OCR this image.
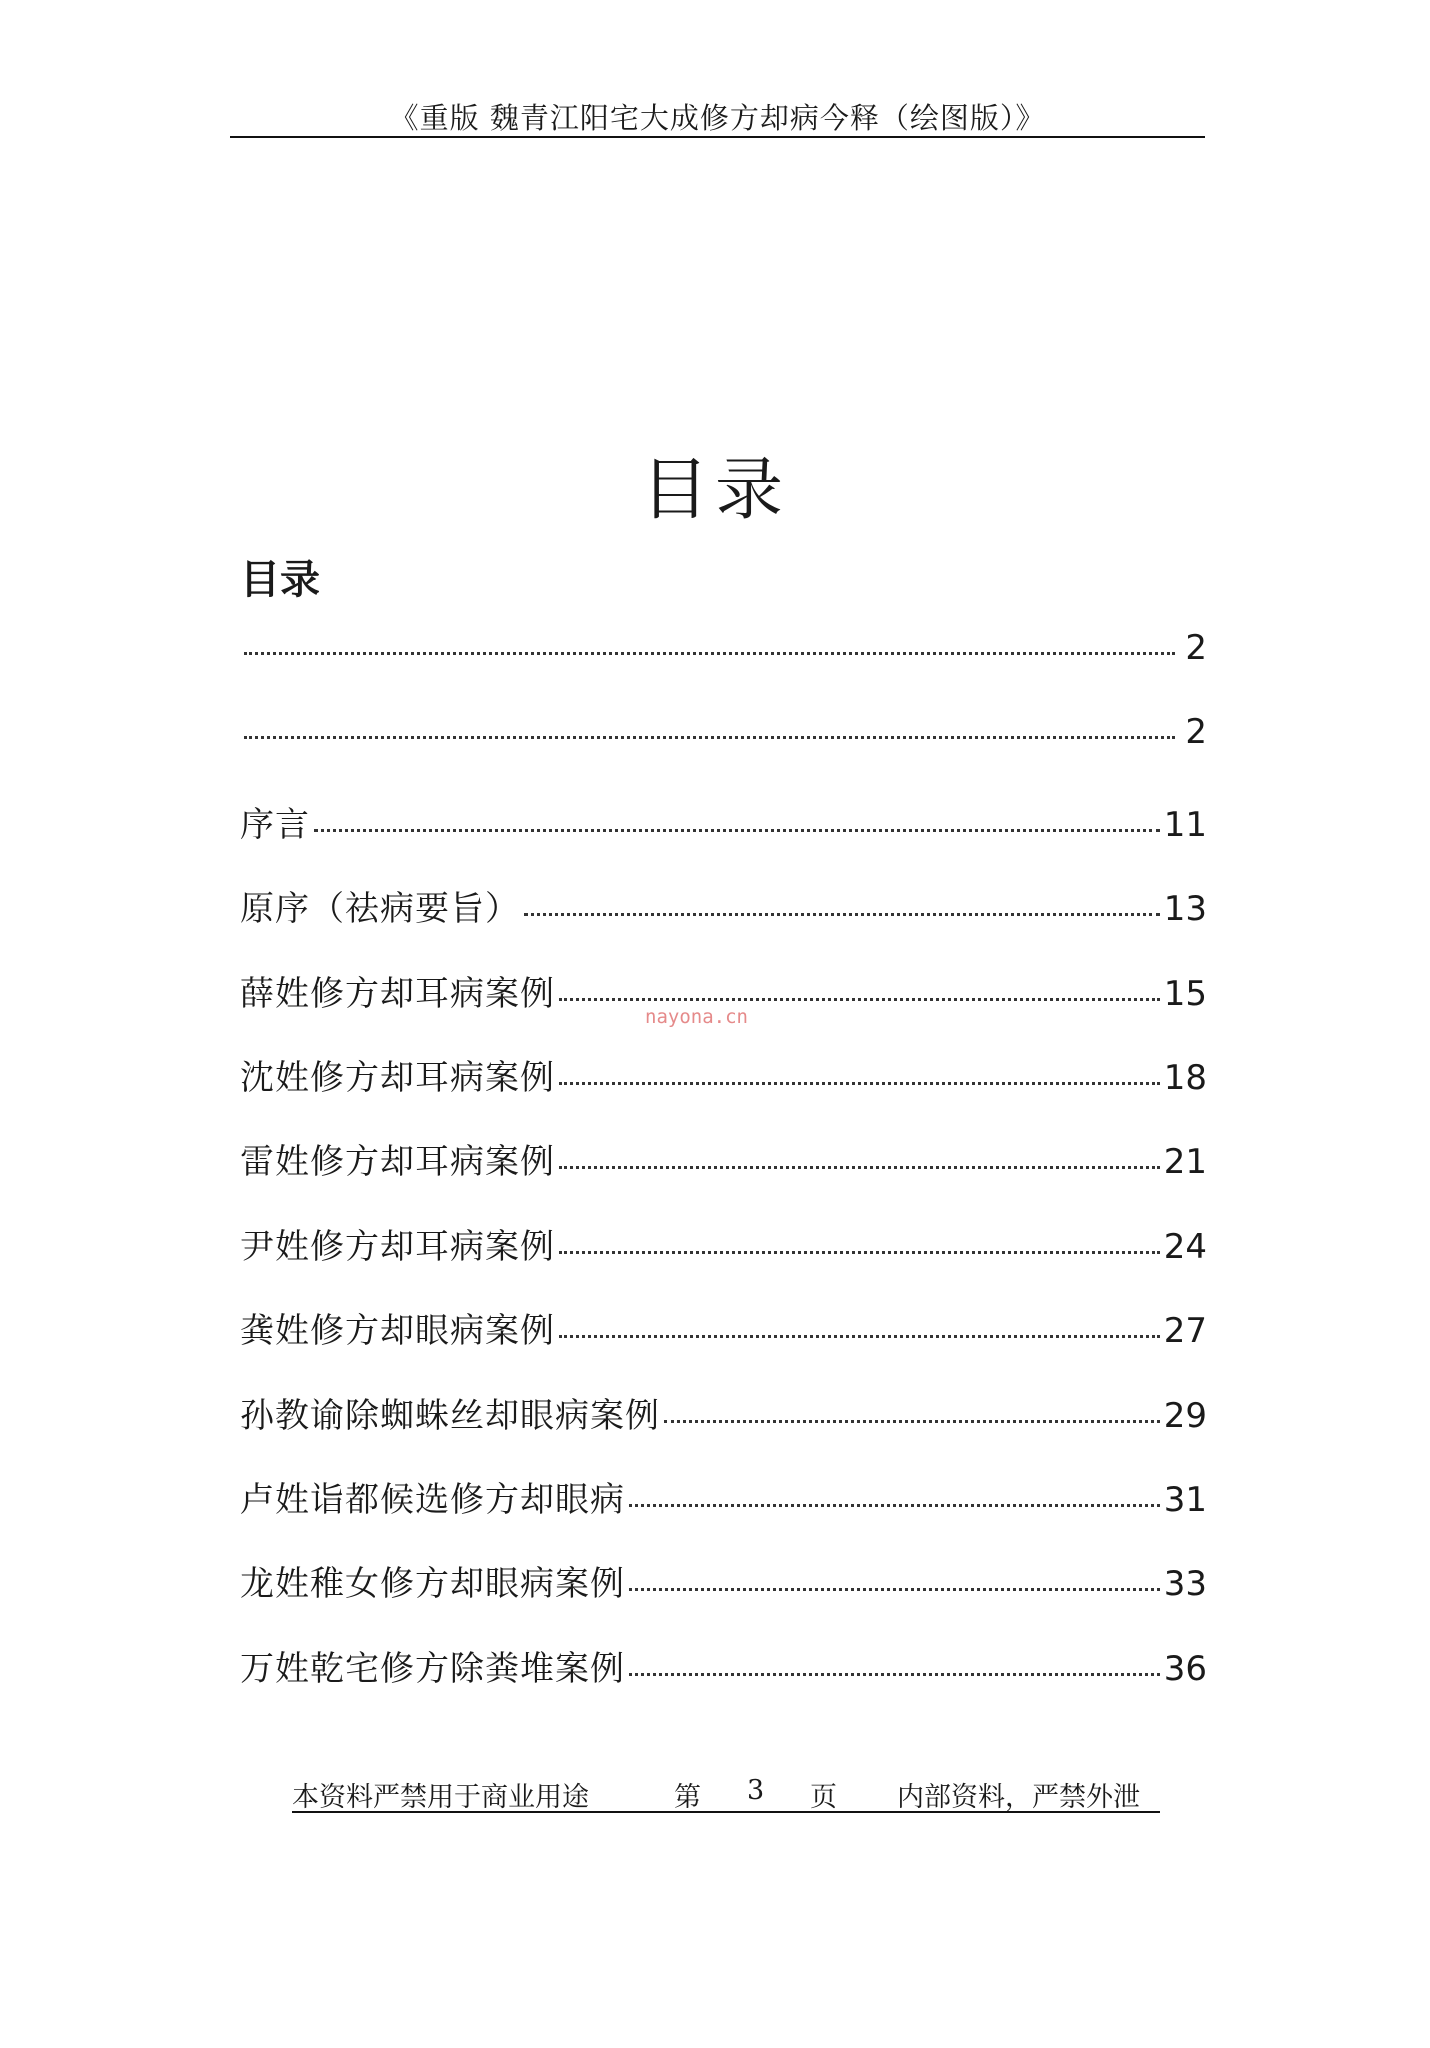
《重版 魏青江阳宅大成修方却病今释（绘图版）》
目录
目录
2
2
序言	11
原序（祛病要旨）	13
薛姓修方却耳病案例	15
沈姓修方却耳病案例	18
雷姓修方却耳病案例	21
尹姓修方却耳病案例	24
龚姓修方却眼病案例	27
孙教谕除蜘蛛丝却眼病案例	29
卢姓诣都候选修方却眼病	31
龙姓稚女修方却眼病案例	33
万姓乾宅修方除粪堆案例	36
nayona.cn
本资料严禁用于商业用途	第 3 页 内部资料，严禁外泄
